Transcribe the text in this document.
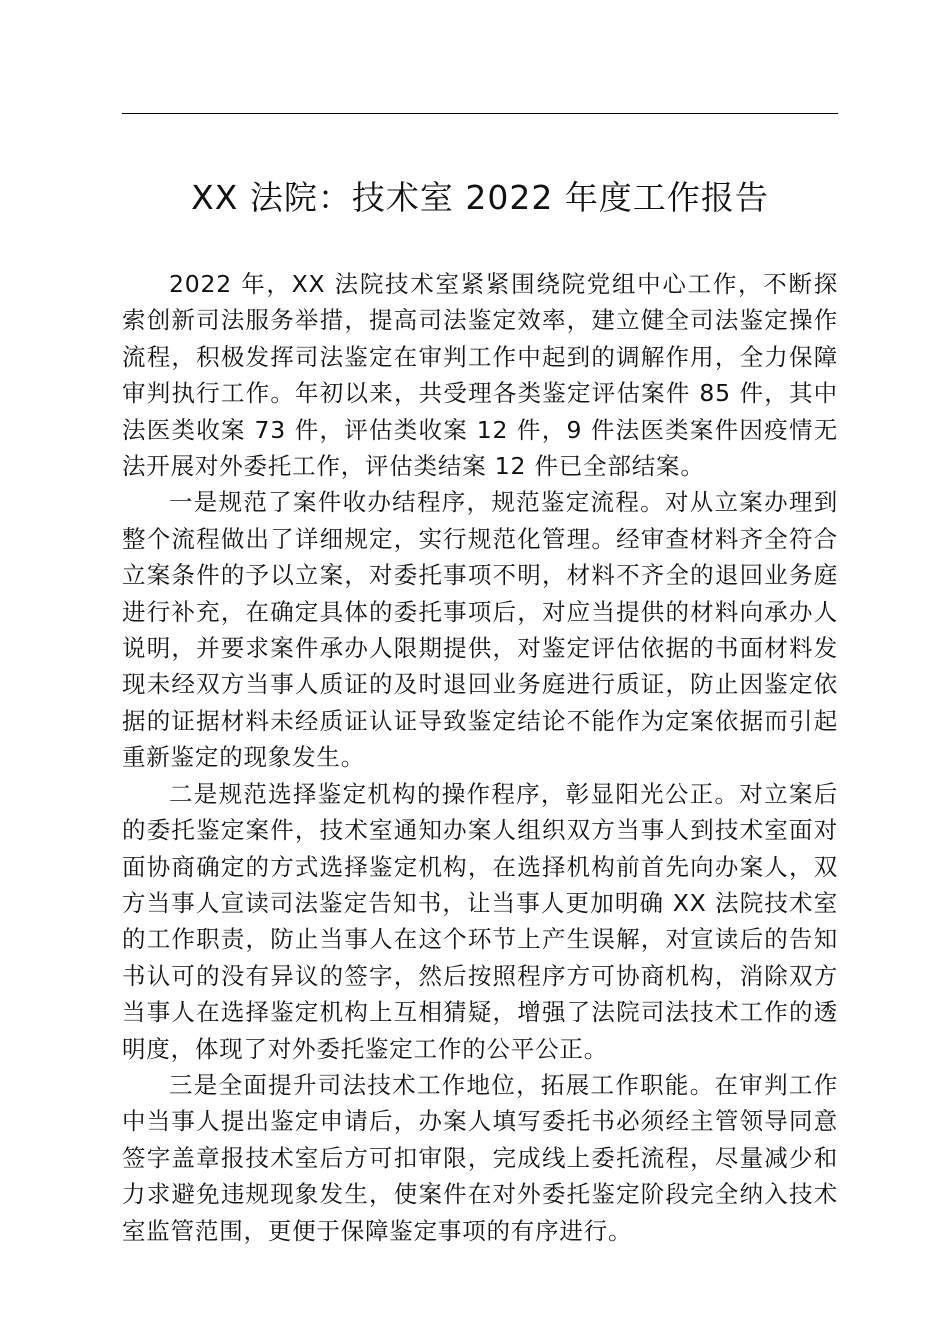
XX 法院：技术室 2022 年度工作报告

2022 年，XX 法院技术室紧紧围绕院党组中心工作，不断探索创新司法服务举措，提高司法鉴定效率，建立健全司法鉴定操作流程，积极发挥司法鉴定在审判工作中起到的调解作用，全力保障审判执行工作。年初以来，共受理各类鉴定评估案件 85 件，其中法医类收案 73 件，评估类收案 12 件，9 件法医类案件因疫情无法开展对外委托工作，评估类结案 12 件已全部结案。

一是规范了案件收办结程序，规范鉴定流程。对从立案办理到整个流程做出了详细规定，实行规范化管理。经审查材料齐全符合立案条件的予以立案，对委托事项不明，材料不齐全的退回业务庭进行补充，在确定具体的委托事项后，对应当提供的材料向承办人说明，并要求案件承办人限期提供，对鉴定评估依据的书面材料发现未经双方当事人质证的及时退回业务庭进行质证，防止因鉴定依据的证据材料未经质证认证导致鉴定结论不能作为定案依据而引起重新鉴定的现象发生。

二是规范选择鉴定机构的操作程序，彰显阳光公正。对立案后的委托鉴定案件，技术室通知办案人组织双方当事人到技术室面对面协商确定的方式选择鉴定机构，在选择机构前首先向办案人，双方当事人宣读司法鉴定告知书，让当事人更加明确 XX 法院技术室的工作职责，防止当事人在这个环节上产生误解，对宣读后的告知书认可的没有异议的签字，然后按照程序方可协商机构，消除双方当事人在选择鉴定机构上互相猜疑，增强了法院司法技术工作的透明度，体现了对外委托鉴定工作的公平公正。

三是全面提升司法技术工作地位，拓展工作职能。在审判工作中当事人提出鉴定申请后，办案人填写委托书必须经主管领导同意签字盖章报技术室后方可扣审限，完成线上委托流程，尽量减少和力求避免违规现象发生，使案件在对外委托鉴定阶段完全纳入技术室监管范围，更便于保障鉴定事项的有序进行。
